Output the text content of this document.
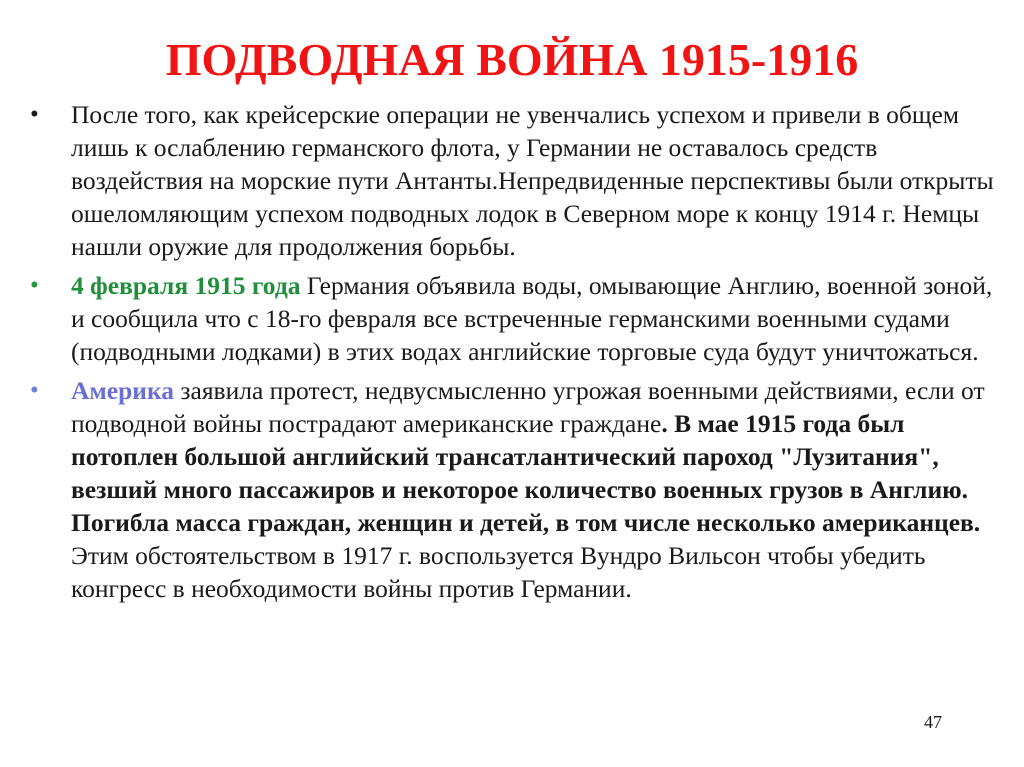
ПОДВОДНАЯ ВОЙНА 1915-1916
•	После того, как крейсерские операции не увенчались успехом и привели в общем лишь к ослаблению германского флота, у Германии не оставалось средств воздействия на морские пути Антанты.Непредвиденные перспективы были открыты ошеломляющим успехом подводных лодок в Северном море к концу 1914 г. Немцы нашли оружие для продолжения борьбы.
•	4 февраля 1915 года Германия объявила воды, омывающие Англию, военной зоной, и сообщила что с 18-го февраля все встреченные германскими военными судами (подводными лодками) в этих водах английские торговые суда будут уничтожаться.
•	Америка заявила протест, недвусмысленно угрожая военными действиями, если от подводной войны пострадают американские граждане. В мае 1915 года был потоплен большой английский трансатлантический пароход "Лузитания", везший много пассажиров и некоторое количество военных грузов в Англию. Погибла масса граждан, женщин и детей, в том числе несколько американцев. Этим обстоятельством в 1917 г. воспользуется Вундро Вильсон чтобы убедить конгресс в необходимости войны против Германии.
47
